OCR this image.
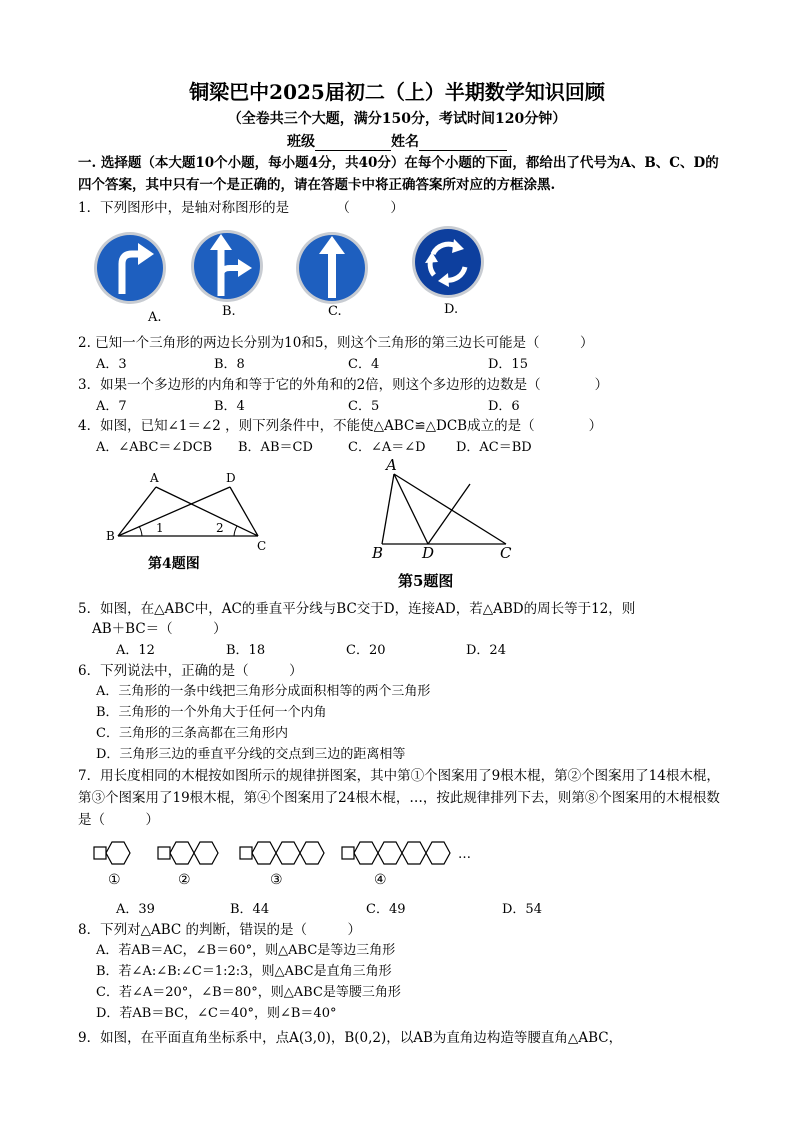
铜梁巴中2025届初二（上）半期数学知识回顾
（全卷共三个大题，满分150分，考试时间120分钟）
班级	姓名
一. 选择题（本大题10个小题，每小题4分，共40分）在每个小题的下面，都给出了代号为A、B、C、D的四个答案，其中只有一个是正确的，请在答题卡中将正确答案所对应的方框涂黑.
1．下列图形中，是轴对称图形的是　　　　（　　　）
A.	B.	C.	D.
2. 已知一个三角形的两边长分别为10和5，则这个三角形的第三边长可能是（　　　）
A．3	B．8	C．4	D．15
3．如果一个多边形的内角和等于它的外角和的2倍，则这个多边形的边数是（　　　　）
A．7	B．4	C．5	D．6
4．如图，已知∠1＝∠2 ，则下列条件中，不能使△ABC≌△DCB成立的是（　　　　）
A．∠ABC＝∠DCB B．AB＝CD	C．∠A＝∠D D．AC＝BD
A	D
B
C
1	2
第4题图
A
B	D	C
第5题图
5．如图，在△ABC中，AC的垂直平分线与BC交于D，连接AD，若△ABD的周长等于12，则
AB＋BC＝（　　　）
A．12	B．18	C．20	D．24
6．下列说法中，正确的是（　　　）
A．三角形的一条中线把三角形分成面积相等的两个三角形
B．三角形的一个外角大于任何一个内角
C．三角形的三条高都在三角形内
D．三角形三边的垂直平分线的交点到三边的距离相等
7．用长度相同的木棍按如图所示的规律拼图案，其中第①个图案用了9根木棍，第②个图案用了14根木棍，第③个图案用了19根木棍，第④个图案用了24根木棍，…，按此规律排列下去，则第⑧个图案用的木棍根数是（　　　）
…
①	②	③	④
A．39	B．44	C．49	D．54
8．下列对△ABC 的判断，错误的是（　　　）
A．若AB＝AC，∠B＝60°，则△ABC是等边三角形
B．若∠A:∠B:∠C＝1:2:3，则△ABC是直角三角形
C．若∠A＝20°，∠B＝80°，则△ABC是等腰三角形
D．若AB＝BC，∠C＝40°，则∠B＝40°
9．如图，在平面直角坐标系中，点A(3,0)，B(0,2)，以AB为直角边构造等腰直角△ABC，
